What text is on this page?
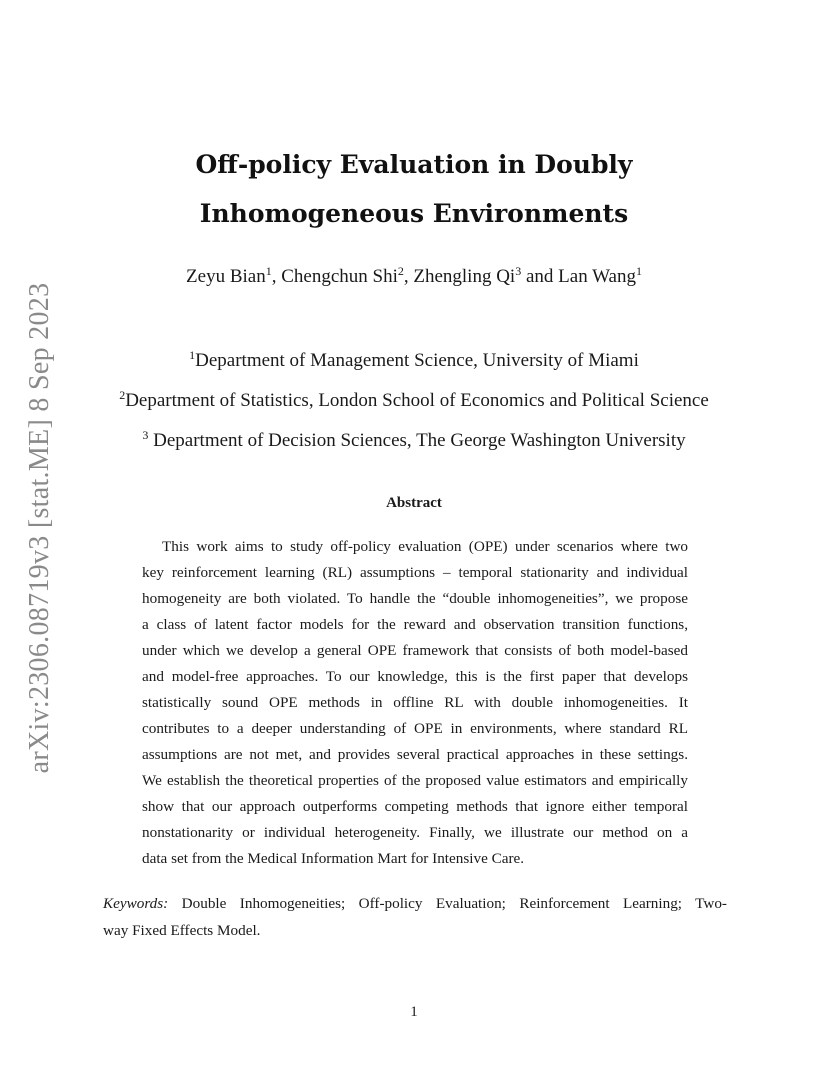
arXiv:2306.08719v3 [stat.ME] 8 Sep 2023
Off-policy Evaluation in Doubly
Inhomogeneous Environments
Zeyu Bian$^1$, Chengchun Shi$^2$, Zhengling Qi$^3$ and Lan Wang$^1$
$^1$Department of Management Science, University of Miami
$^2$Department of Statistics, London School of Economics and Political Science
$^3$ Department of Decision Sciences, The George Washington University
Abstract
This work aims to study off-policy evaluation (OPE) under scenarios where two
key reinforcement learning (RL) assumptions – temporal stationarity and individual
homogeneity are both violated. To handle the “double inhomogeneities”, we propose
a class of latent factor models for the reward and observation transition functions,
under which we develop a general OPE framework that consists of both model-based
and model-free approaches. To our knowledge, this is the first paper that develops
statistically sound OPE methods in offline RL with double inhomogeneities. It
contributes to a deeper understanding of OPE in environments, where standard RL
assumptions are not met, and provides several practical approaches in these settings.
We establish the theoretical properties of the proposed value estimators and empirically
show that our approach outperforms competing methods that ignore either temporal
nonstationarity or individual heterogeneity. Finally, we illustrate our method on a
data set from the Medical Information Mart for Intensive Care.
Keywords: Double Inhomogeneities; Off-policy Evaluation; Reinforcement Learning; Two-
way Fixed Effects Model.
1
